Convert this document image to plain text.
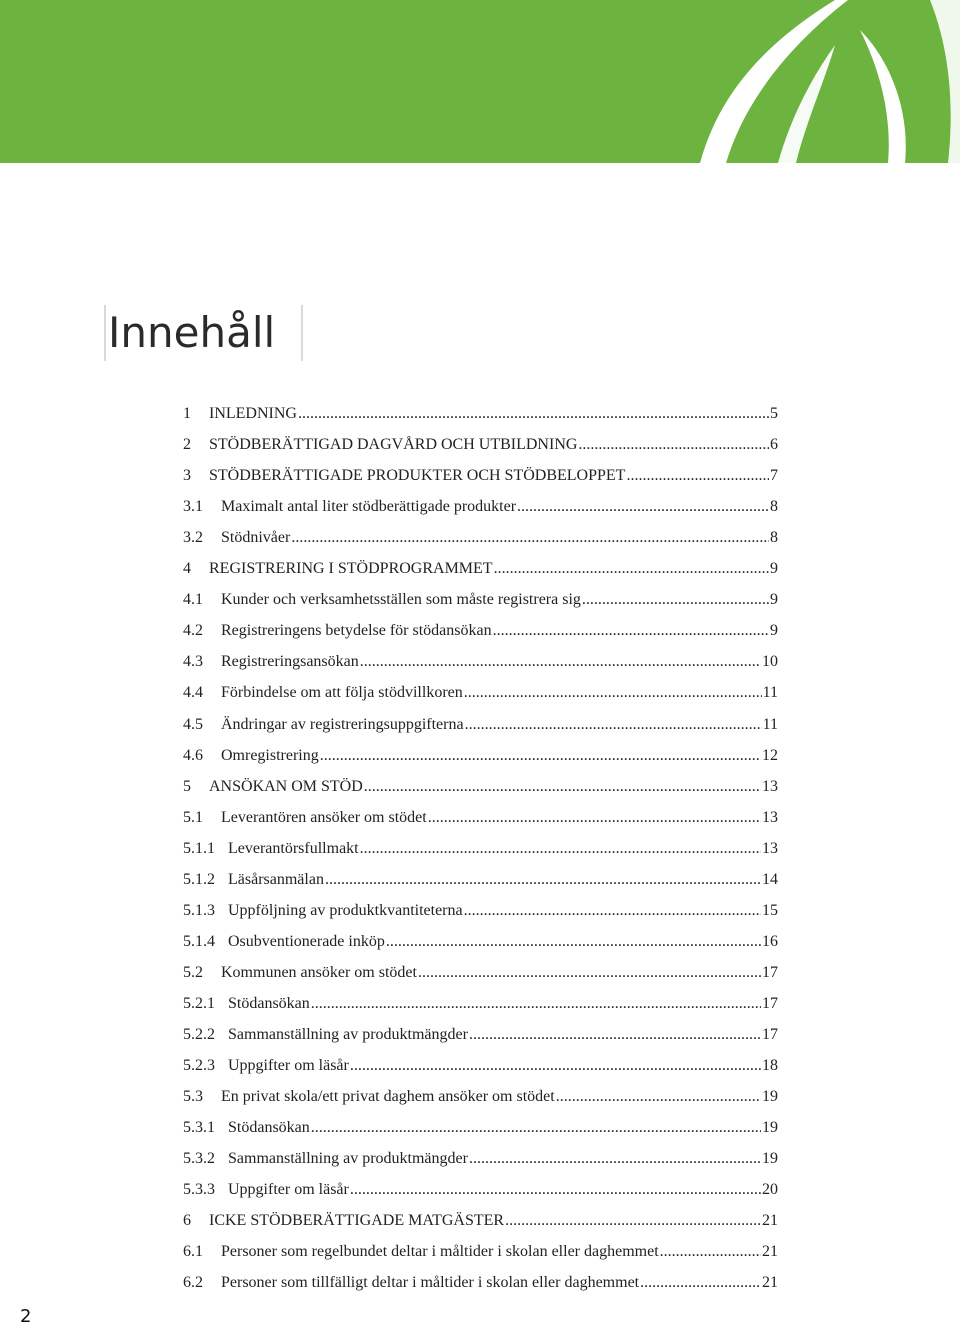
Innehåll
1	INLEDNING .....	5
2	STÖDBERÄTTIGAD DAGVÅRD OCH UTBILDNING .....	6
3	STÖDBERÄTTIGADE PRODUKTER OCH STÖDBELOPPET .....	7
3.1	Maximalt antal liter stödberättigade produkter .....	8
3.2	Stödnivåer .....	8
4	REGISTRERING I STÖDPROGRAMMET .....	9
4.1	Kunder och verksamhetsställen som måste registrera sig .....	9
4.2	Registreringens betydelse för stödansökan .....	9
4.3	Registreringsansökan .....	10
4.4	Förbindelse om att följa stödvillkoren .....	11
4.5	Ändringar av registreringsuppgifterna .....	11
4.6	Omregistrering .....	12
5	ANSÖKAN OM STÖD .....	13
5.1	Leverantören ansöker om stödet .....	13
5.1.1 Leverantörsfullmakt .....	13
5.1.2 Läsårsanmälan .....	14
5.1.3 Uppföljning av produktkvantiteterna .....	15
5.1.4 Osubventionerade inköp .....	16
5.2	Kommunen ansöker om stödet .....	17
5.2.1 Stödansökan .....	17
5.2.2 Sammanställning av produktmängder .....	17
5.2.3 Uppgifter om läsår .....	18
5.3	En privat skola/ett privat daghem ansöker om stödet .....	19
5.3.1 Stödansökan .....	19
5.3.2 Sammanställning av produktmängder .....	19
5.3.3 Uppgifter om läsår .....	20
6	ICKE STÖDBERÄTTIGADE MATGÄSTER .....	21
6.1	Personer som regelbundet deltar i måltider i skolan eller daghemmet .....	21
6.2	Personer som tillfälligt deltar i måltider i skolan eller daghemmet .....	21
2
